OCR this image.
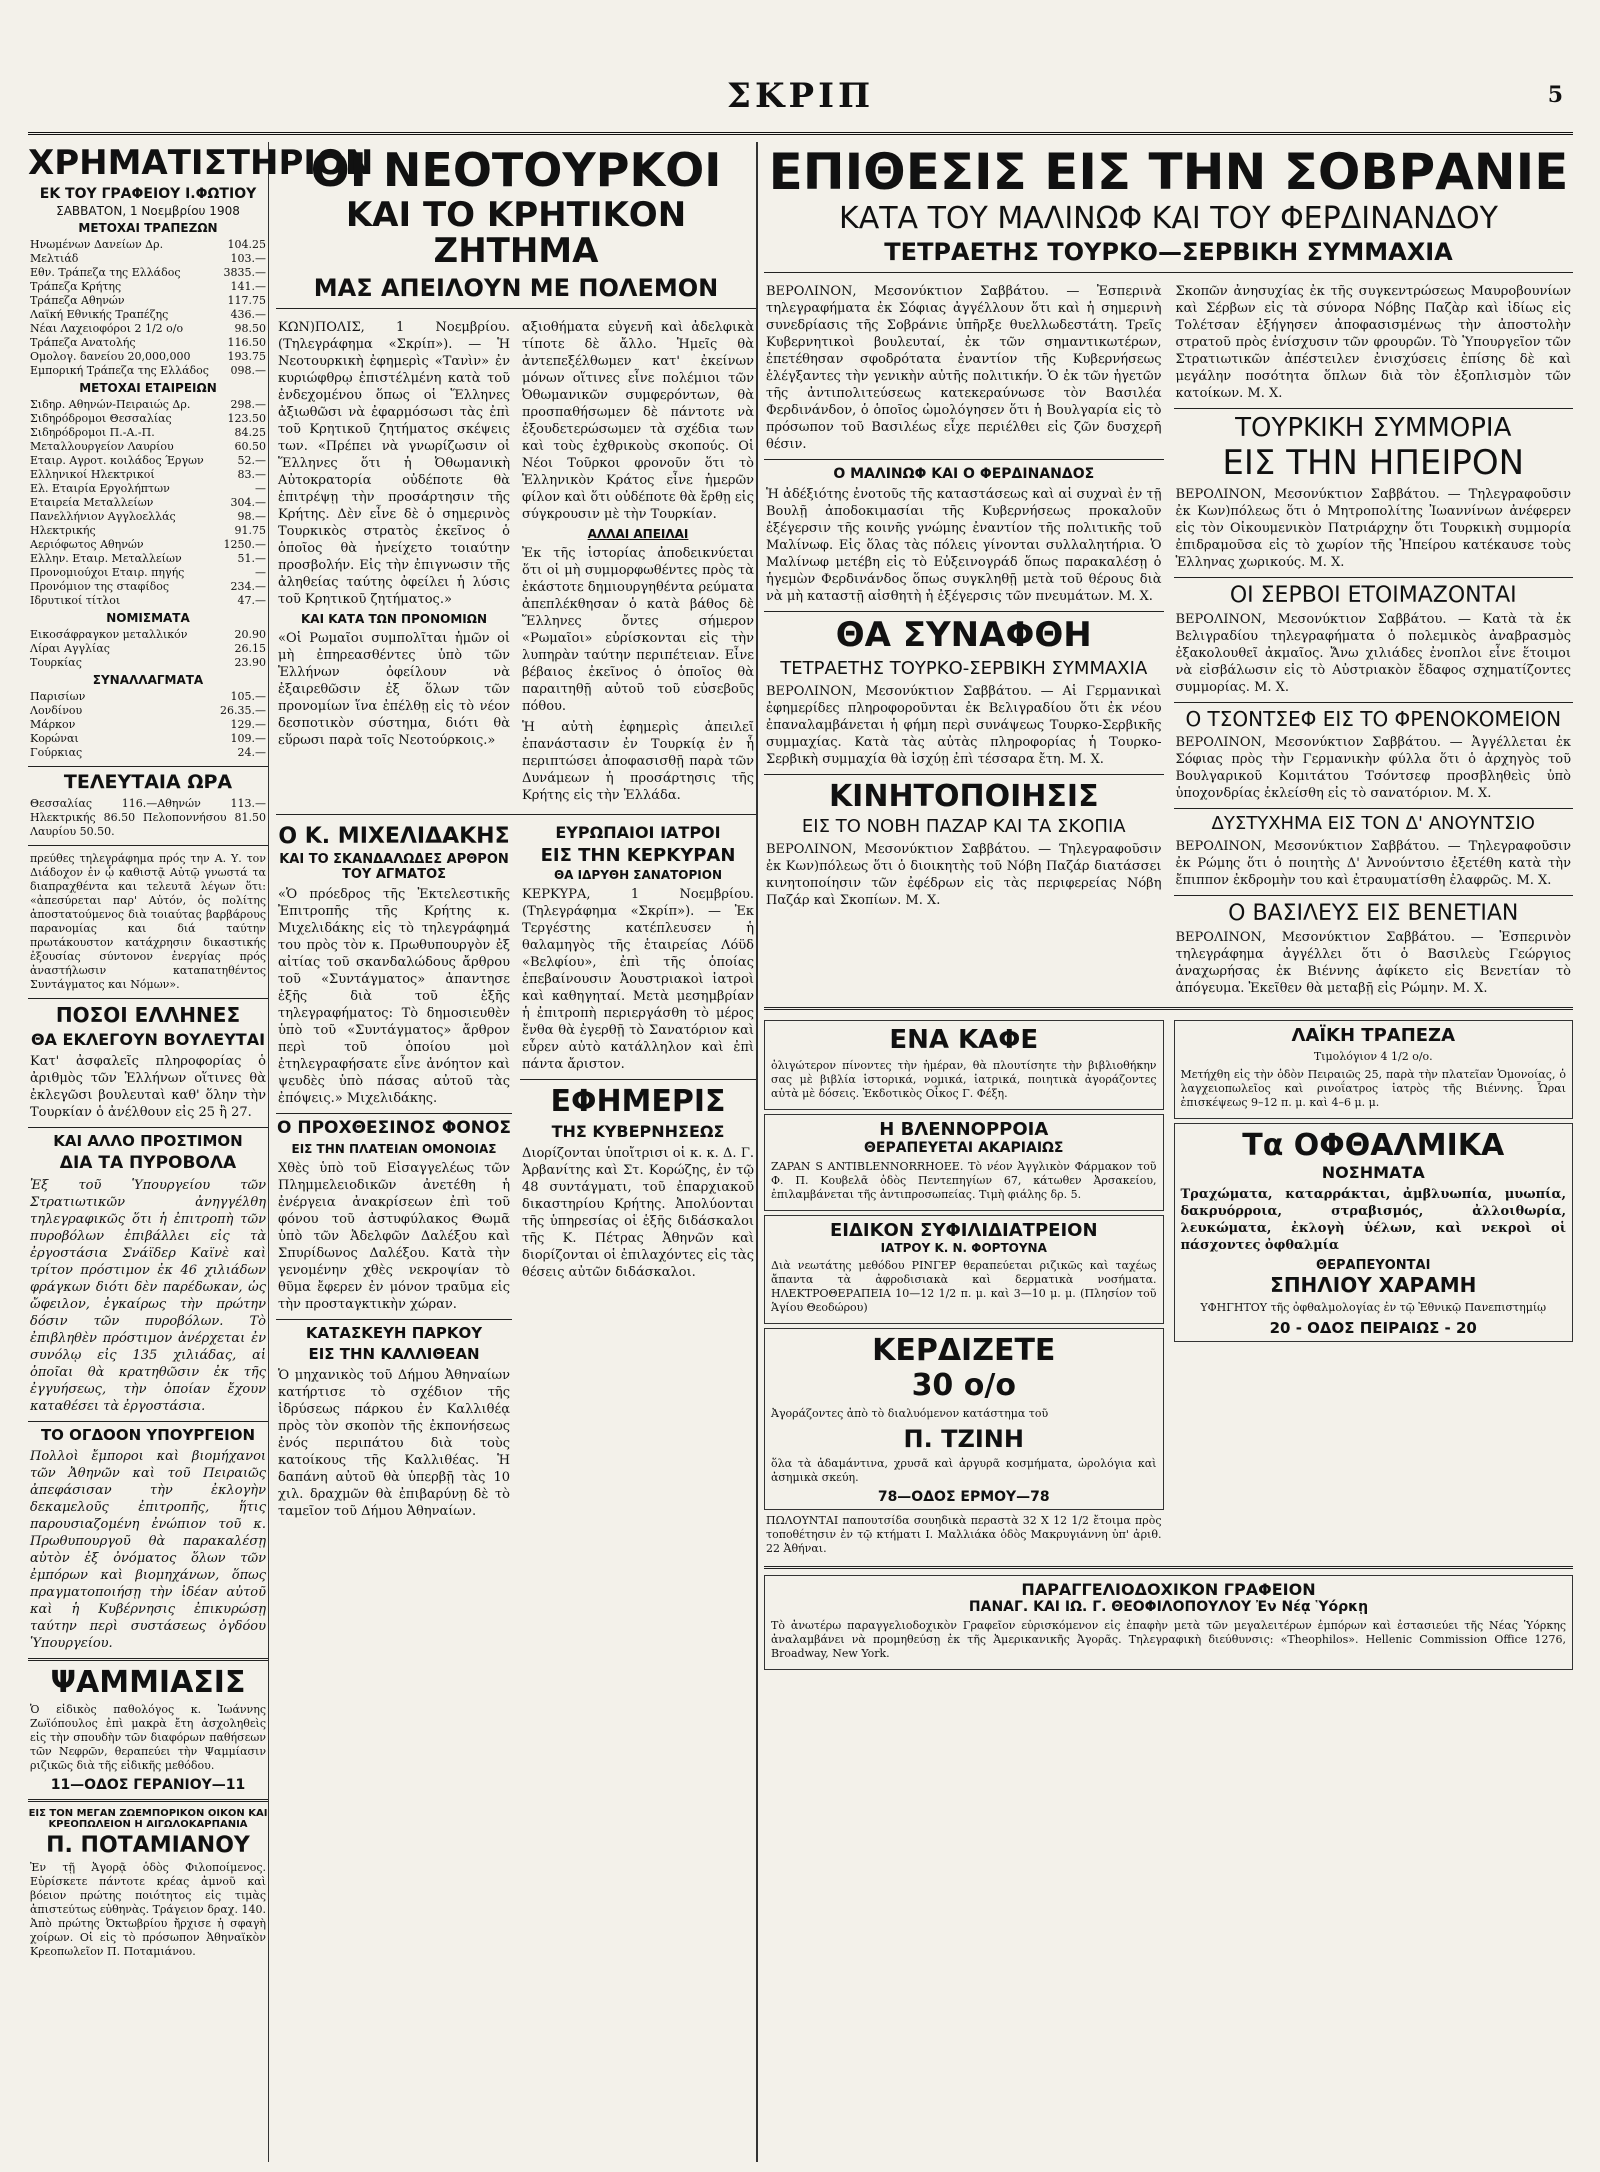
ΣΚΡΙΠ	5
ΧΡΗΜΑΤΙΣΤΗΡΙΟΝ
ΕΚ ΤΟΥ ΓΡΑΦΕΙΟΥ Ι.ΦΩΤΙΟΥ
ΣΑΒΒΑΤΟΝ, 1 Νοεμβρίου 1908
ΜΕΤΟΧΑΙ ΤΡΑΠΕΖΩΝ
Ηνωμένων Δανείων Δρ.	104.25
Μελτιάδ	103.—
Εθν. Τράπεζα της Ελλάδος	3835.—
Τράπεζα Κρήτης	141.—
Τράπεζα Αθηνών	117.75
Λαϊκή Εθνικής Τραπέζης	436.—
Νέαι Λαχειοφόροι 2 1/2 ο/ο	98.50
Τράπεζα Ανατολής	116.50
Ομολογ. δανείου 20,000,000	193.75
Εμπορική Τράπεζα της Ελλάδος	098.—
ΜΕΤΟΧΑΙ ΕΤΑΙΡΕΙΩΝ
Σιδηρ. Αθηνών-Πειραιώς Δρ.	298.—
Σιδηρόδρομοι Θεσσαλίας	123.50
Σιδηρόδρομοι Π.-Α.-Π.	84.25
Μεταλλουργείον Λαυρίου	60.50
Εταιρ. Αγροτ. κοιλάδος Έργων	52.—
Ελληνικοί Ηλεκτρικοί	83.—
Ελ. Εταιρία Εργολήπτων	—
Εταιρεία Μεταλλείων	304.—
Πανελλήνιον Αγγλοελλάς	98.—
Ηλεκτρικής	91.75
Αεριόφωτος Αθηνών	1250.—
Ελλην. Εταιρ. Μεταλλείων	51.—
Προνομιούχοι Εταιρ. πηγής	—
Προνόμιον της σταφίδος	234.—
Ιδρυτικοί τίτλοι	47.—
ΝΟΜΙΣΜΑΤΑ
Εικοσάφραγκον μεταλλικόν	20.90
Λίραι Αγγλίας	26.15
Τουρκίας	23.90
ΣΥΝΑΛΛΑΓΜΑΤΑ
Παρισίων	105.—
Λονδίνου	26.35.—
Μάρκον	129.—
Κορώναι	109.—
Γούρκιας	24.—
ΤΕΛΕΥΤΑΙΑ ΩΡΑ
Θεσσαλίας 116.—Αθηνών 113.— Ηλεκτρικής 86.50 Πελοποννήσου 81.50 Λαυρίου 50.50.
πρεύθες τηλεγράφημα πρός την Α. Υ. τον Διάδοχον ἐν ᾧ καθιστᾷ Αὐτῷ γνωστά τα διαπραχθέντα και τελευτᾶ λέγων ὅτι: «ἀπεσύρεται παρ' Αὐτόν, ὁς πολίτης ἀποστατούμενος διὰ τοιαύτας βαρβάρους παρανομίας και διά ταύτην πρωτάκουστον κατάχρησιν δικαστικής ἐξουσίας σύντονον ἐνεργίας πρός ἀναστήλωσιν καταπατηθέντος Συντάγματος και Νόμων».
ΠΟΣΟΙ ΕΛΛΗΝΕΣ
ΘΑ ΕΚΛΕΓΟΥΝ ΒΟΥΛΕΥΤΑΙ
Κατ' ἀσφαλεῖς πληροφορίας ὁ ἀριθμὸς τῶν Ἑλλήνων οἵτινες θὰ ἐκλεγῶσι βουλευταὶ καθ' ὅλην τὴν Τουρκίαν ὁ ἀνέλθουν εἰς 25 ἢ 27.
ΚΑΙ ΑΛΛΟ ΠΡΟΣΤΙΜΟΝ
ΔΙΑ ΤΑ ΠΥΡΟΒΟΛΑ
Ἐξ τοῦ Ὑπουργείου τῶν Στρατιωτικῶν ἀνηγγέλθη τηλεγραφικῶς ὅτι ἡ ἐπιτροπὴ τῶν πυροβόλων ἐπιβάλλει εἰς τὰ ἐργοστάσια Σνάϊδερ Καϊνὲ καὶ τρίτον πρόστιμον ἐκ 46 χιλιάδων φράγκων διότι δὲν παρέδωκαν, ὡς ὤφειλον, ἐγκαίρως τὴν πρώτην δόσιν τῶν πυροβόλων. Τὸ ἐπιβληθὲν πρόστιμον ἀνέρχεται ἐν συνόλῳ εἰς 135 χιλιάδας, αἱ ὁποῖαι θὰ κρατηθῶσιν ἐκ τῆς ἐγγυήσεως, τὴν ὁποίαν ἔχουν καταθέσει τὰ ἐργοστάσια.
ΤΟ ΟΓΔΟΟΝ ΥΠΟΥΡΓΕΙΟΝ
Πολλοὶ ἔμποροι καὶ βιομήχανοι τῶν Ἀθηνῶν καὶ τοῦ Πειραιῶς ἀπεφάσισαν τὴν ἐκλογὴν δεκαμελοῦς ἐπιτροπῆς, ἥτις παρουσιαζομένη ἐνώπιον τοῦ κ. Πρωθυπουργοῦ θὰ παρακαλέσῃ αὐτὸν ἐξ ὀνόματος ὅλων τῶν ἐμπόρων καὶ βιομηχάνων, ὅπως πραγματοποιήσῃ τὴν ἰδέαν αὐτοῦ καὶ ἡ Κυβέρνησις ἐπικυρώσῃ ταύτην περὶ συστάσεως ὀγδόου Ὑπουργείου.
ΨΑΜΜΙΑΣΙΣ
Ὁ εἰδικὸς παθολόγος κ. Ἰωάννης Ζωϊόπουλος ἐπὶ μακρὰ ἔτη ἀσχοληθεὶς εἰς τὴν σπουδὴν τῶν διαφόρων παθήσεων τῶν Νεφρῶν, θεραπεύει τὴν Ψαμμίασιν ριζικῶς διὰ τῆς εἰδικῆς μεθόδου.
11—ΟΔΟΣ ΓΕΡΑΝΙΟΥ—11
ΕΙΣ ΤΟΝ ΜΕΓΑΝ ΖΩΕΜΠΟΡΙΚΟΝ ΟΙΚΟΝ ΚΑΙ ΚΡΕΟΠΩΛΕΙΟΝ Η ΑΙΓΩΛΟΚΑΡΠΑΝΙΑ
Π. ΠΟΤΑΜΙΑΝΟΥ
Ἐν τῇ Ἀγορᾷ ὁδὸς Φιλοποίμενος. Εὑρίσκετε πάντοτε κρέας ἀμνοῦ καὶ βόειον πρώτης ποιότητος εἰς τιμὰς ἀπιστεύτως εὐθηνὰς. Τράγειον δραχ. 140. Ἀπὸ πρώτης Ὀκτωβρίου ἤρχισε ἡ σφαγὴ χοίρων. Οἱ εἰς τὸ πρόσωπον Ἀθηναϊκὸν Κρεοπωλεῖον Π. Ποταμιάνου.
ΟΙ ΝΕΟΤΟΥΡΚΟΙ
ΚΑΙ ΤΟ ΚΡΗΤΙΚΟΝ ΖΗΤΗΜΑ
ΜΑΣ ΑΠΕΙΛΟΥΝ ΜΕ ΠΟΛΕΜΟΝ
ΚΩΝ)ΠΟΛΙΣ, 1 Νοεμβρίου. (Τηλεγράφημα «Σκρίπ»). — Ἡ Νεοτουρκικὴ ἐφημερὶς «Τανὶν» ἐν κυριώφθρῳ ἐπιστέλμένη κατὰ τοῦ ἐνδεχομένου ὅπως οἱ Ἕλληνες ἀξιωθῶσι νὰ ἐφαρμόσωσι τὰς ἐπὶ τοῦ Κρητικοῦ ζητήματος σκέψεις των. «Πρέπει νὰ γνωρίζωσιν οἱ Ἕλληνες ὅτι ἡ Ὀθωμανικὴ Αὐτοκρατορία οὐδέποτε θὰ ἐπιτρέψῃ τὴν προσάρτησιν τῆς Κρήτης. Δὲν εἶνε δὲ ὁ σημερινὸς Τουρκικὸς στρατὸς ἐκεῖνος ὁ ὁποῖος θὰ ἠνείχετο τοιαύτην προσβολήν. Εἰς τὴν ἐπιγνωσιν τῆς ἀληθείας ταύτης ὀφείλει ἡ λύσις τοῦ Κρητικοῦ ζητήματος.»
ΚΑΙ ΚΑΤΑ ΤΩΝ ΠΡΟΝΟΜΙΩΝ
«Οἱ Ρωμαῖοι συμπολῖται ἡμῶν οἱ μὴ ἐπηρεασθέντες ὑπὸ τῶν Ἑλλήνων ὀφείλουν νὰ ἐξαιρεθῶσιν ἐξ ὅλων τῶν προνομίων ἵνα ἐπέλθῃ εἰς τὸ νέον δεσποτικὸν σύστημα, διότι θὰ εὕρωσι παρὰ τοῖς Νεοτούρκοις.»
αξιοθήματα εὐγενῆ καὶ ἀδελφικὰ τίποτε δὲ ἄλλο. Ἡμεῖς θὰ ἀντεπεξέλθωμεν κατ' ἐκείνων μόνων οἵτινες εἶνε πολέμιοι τῶν Ὀθωμανικῶν συμφερόντων, θὰ προσπαθήσωμεν δὲ πάντοτε νὰ ἐξουδετερώσωμεν τὰ σχέδια των καὶ τοὺς ἐχθρικοὺς σκοπούς. Οἱ Νέοι Τοῦρκοι φρονοῦν ὅτι τὸ Ἑλληνικὸν Κράτος εἶνε ἡμερῶν φίλον καὶ ὅτι οὐδέποτε θὰ ἔρθῃ εἰς σύγκρουσιν μὲ τὴν Τουρκίαν.
ΑΛΛΑΙ ΑΠΕΙΛΑΙ
Ἐκ τῆς ἱστορίας ἀποδεικνύεται ὅτι οἱ μὴ συμμορφωθέντες πρὸς τὰ ἐκάστοτε δημιουργηθέντα ρεύματα ἀπεπλέκθησαν ὁ κατὰ βάθος δὲ Ἕλληνες ὄντες σήμερον «Ρωμαῖοι» εὑρίσκονται εἰς τὴν λυπηρὰν ταύτην περιπέτειαν. Εἶνε βέβαιος ἐκεῖνος ὁ ὁποῖος θὰ παραιτηθῇ αὐτοῦ τοῦ εὐσεβοῦς πόθου.
Ἡ αὐτὴ ἐφημερὶς ἀπειλεῖ ἐπανάστασιν ἐν Τουρκίᾳ ἐν ἧ περιπτώσει ἀποφασισθῇ παρὰ τῶν Δυνάμεων ἡ προσάρτησις τῆς Κρήτης εἰς τὴν Ἑλλάδα.
Ο Κ. ΜΙΧΕΛΙΔΑΚΗΣ
ΚΑΙ ΤΟ ΣΚΑΝΔΑΛΩΔΕΣ ΑΡΘΡΟΝ ΤΟΥ ΑΓΜΑΤΟΣ
«Ὁ πρόεδρος τῆς Ἐκτελεστικῆς Ἐπιτροπῆς τῆς Κρήτης κ. Μιχελιδάκης εἰς τὸ τηλεγράφημά του πρὸς τὸν κ. Πρωθυπουργὸν ἐξ αἰτίας τοῦ σκανδαλώδους ἄρθρου τοῦ «Συντάγματος» ἀπαντησε ἐξῆς διὰ τοῦ ἑξῆς τηλεγραφήματος: Τὸ δημοσιευθὲν ὑπὸ τοῦ «Συντάγματος» ἄρθρον περὶ τοῦ ὁποίου μοὶ ἐτηλεγραφήσατε εἶνε ἀνόητον καὶ ψευδὲς ὑπὸ πάσας αὐτοῦ τὰς ἐπόψεις.» Μιχελιδάκης.
Ο ΠΡΟΧΘΕΣΙΝΟΣ ΦΟΝΟΣ
ΕΙΣ ΤΗΝ ΠΛΑΤΕΙΑΝ ΟΜΟΝΟΙΑΣ
Χθὲς ὑπὸ τοῦ Εἰσαγγελέως τῶν Πλημμελειοδικῶν ἀνετέθη ἡ ἐνέργεια ἀνακρίσεων ἐπὶ τοῦ φόνου τοῦ ἀστυφύλακος Θωμᾶ ὑπὸ τῶν Ἀδελφῶν Δαλέξου καὶ Σπυρίδωνος Δαλέξου. Κατὰ τὴν γενομένην χθὲς νεκροψίαν τὸ θῦμα ἔφερεν ἐν μόνον τραῦμα εἰς τὴν προσταγκτικὴν χώραν.
ΚΑΤΑΣΚΕΥΗ ΠΑΡΚΟΥ
ΕΙΣ ΤΗΝ ΚΑΛΛΙΘΕΑΝ
Ὁ μηχανικὸς τοῦ Δήμου Ἀθηναίων κατήρτισε τὸ σχέδιον τῆς ἰδρύσεως πάρκου ἐν Καλλιθέᾳ πρὸς τὸν σκοπὸν τῆς ἐκπονήσεως ἐνός περιπάτου διὰ τοὺς κατοίκους τῆς Καλλιθέας. Ἡ δαπάνη αὐτοῦ θὰ ὑπερβῇ τὰς 10 χιλ. δραχμῶν θὰ ἐπιβαρύνῃ δὲ τὸ ταμεῖον τοῦ Δήμου Ἀθηναίων.
ΕΥΡΩΠΑΙΟΙ ΙΑΤΡΟΙ
ΕΙΣ ΤΗΝ ΚΕΡΚΥΡΑΝ
ΘΑ ΙΔΡΥΘΗ ΣΑΝΑΤΟΡΙΟΝ
ΚΕΡΚΥΡΑ, 1 Νοεμβρίου. (Τηλεγράφημα «Σκρίπ»). — Ἐκ Τεργέστης κατέπλευσεν ἡ θαλαμηγὸς τῆς ἑταιρείας Λόϋδ «Βελφίου», ἐπὶ τῆς ὁποίας ἐπεβαίνουσιν Ἀουστριακοὶ ἰατροὶ καὶ καθηγηταί. Μετὰ μεσημβρίαν ἡ ἐπιτροπὴ περιεργάσθη τὸ μέρος ἔνθα θὰ ἐγερθῇ τὸ Σανατόριον καὶ εὗρεν αὐτὸ κατάλληλον καὶ ἐπὶ πάντα ἄριστον.
ΕΦΗΜΕΡΙΣ
ΤΗΣ ΚΥΒΕΡΝΗΣΕΩΣ
Διορίζονται ὑποἴτρισι οἱ κ. κ. Δ. Γ. Ἀρβανίτης καὶ Στ. Κορώζης, ἐν τῷ 48 συντάγματι, τοῦ ἐπαρχιακοῦ δικαστηρίου Κρήτης. Ἀπολύονται τῆς ὑπηρεσίας οἱ ἑξῆς διδάσκαλοι τῆς Κ. Πέτρας Ἀθηνῶν καὶ διορίζονται οἱ ἐπιλαχόντες εἰς τὰς θέσεις αὐτῶν διδάσκαλοι.
ΕΠΙΘΕΣΙΣ ΕΙΣ ΤΗΝ ΣΟΒΡΑΝΙΕ
ΚΑΤΑ ΤΟΥ ΜΑΛΙΝΩΦ ΚΑΙ ΤΟΥ ΦΕΡΔΙΝΑΝΔΟΥ
ΤΕΤΡΑΕΤΗΣ ΤΟΥΡΚΟ—ΣΕΡΒΙΚΗ ΣΥΜΜΑΧΙΑ
ΒΕΡΟΛΙΝΟΝ, Μεσονύκτιον Σαββάτου. — Ἐσπερινὰ τηλεγραφήματα ἐκ Σόφιας ἀγγέλλουν ὅτι καὶ ἡ σημερινὴ συνεδρίασις τῆς Σοβράνιε ὑπῆρξε θυελλωδεστάτη. Τρεῖς Κυβερνητικοὶ βουλευταί, ἐκ τῶν σημαντικωτέρων, ἐπετέθησαν σφοδρότατα ἐναντίον τῆς Κυβερνήσεως ἐλέγξαντες τὴν γενικὴν αὐτῆς πολιτικήν. Ὁ ἐκ τῶν ἡγετῶν τῆς ἀντιπολιτεύσεως κατεκεραύνωσε τὸν Βασιλέα Φερδινάνδον, ὁ ὁποῖος ὠμολόγησεν ὅτι ἡ Βουλγαρία εἰς τὸ πρόσωπον τοῦ Βασιλέως εἶχε περιέλθει εἰς ζῶν δυσχερῆ θέσιν.
Ο ΜΑΛΙΝΩΦ ΚΑΙ Ο ΦΕΡΔΙΝΑΝΔΟΣ
Ἡ ἀδέξιότης ἐνοτοῦς τῆς καταστάσεως καὶ αἱ συχναὶ ἐν τῇ Βουλῇ ἀποδοκιμασίαι τῆς Κυβερνήσεως προκαλοῦν ἐξέγερσιν τῆς κοινῆς γνώμης ἐναντίον τῆς πολιτικῆς τοῦ Μαλίνωφ. Εἰς ὅλας τὰς πόλεις γίνονται συλλαλητήρια. Ὁ Μαλίνωφ μετέβη εἰς τὸ Εὐξεινογράδ ὅπως παρακαλέσῃ ὁ ἡγεμὼν Φερδινάνδος ὅπως συγκληθῇ μετὰ τοῦ θέρους διὰ νὰ μὴ καταστῇ αἰσθητὴ ἡ ἐξέγερσις τῶν πνευμάτων. Μ. Χ.
ΘΑ ΣΥΝΑΦΘΗ
ΤΕΤΡΑΕΤΗΣ ΤΟΥΡΚΟ-ΣΕΡΒΙΚΗ ΣΥΜΜΑΧΙΑ
ΒΕΡΟΛΙΝΟΝ, Μεσονύκτιον Σαββάτου. — Αἱ Γερμανικαὶ ἐφημερίδες πληροφοροῦνται ἐκ Βελιγραδίου ὅτι ἐκ νέου ἐπαναλαμβάνεται ἡ φήμη περὶ συνάψεως Τουρκο-Σερβικῆς συμμαχίας. Κατὰ τὰς αὐτὰς πληροφορίας ἡ Τουρκο-Σερβικὴ συμμαχία θὰ ἰσχύῃ ἐπὶ τέσσαρα ἔτη. Μ. Χ.
ΚΙΝΗΤΟΠΟΙΗΣΙΣ
ΕΙΣ ΤΟ ΝΟΒΗ ΠΑΖΑΡ ΚΑΙ ΤΑ ΣΚΟΠΙΑ
ΒΕΡΟΛΙΝΟΝ, Μεσονύκτιον Σαββάτου. — Τηλεγραφοῦσιν ἐκ Κων)πόλεως ὅτι ὁ διοικητὴς τοῦ Νόβη Παζάρ διατάσσει κινητοποίησιν τῶν ἐφέδρων εἰς τὰς περιφερείας Νόβη Παζάρ καὶ Σκοπίων. Μ. Χ.
Σκοπῶν ἀνησυχίας ἐκ τῆς συγκεντρώσεως Μαυροβουνίων καὶ Σέρβων εἰς τὰ σύνορα Νόβης Παζὰρ καὶ ἰδίως εἰς Τολέτσαν ἐξήγησεν ἀποφασισμένως τὴν ἀποστολὴν στρατοῦ πρὸς ἐνίσχυσιν τῶν φρουρῶν. Τὸ Ὑπουργεῖον τῶν Στρατιωτικῶν ἀπέστειλεν ἐνισχύσεις ἐπίσης δὲ καὶ μεγάλην ποσότητα ὅπλων διὰ τὸν ἐξοπλισμὸν τῶν κατοίκων. Μ. Χ.
ΤΟΥΡΚΙΚΗ ΣΥΜΜΟΡΙΑ
ΕΙΣ ΤΗΝ ΗΠΕΙΡΟΝ
ΒΕΡΟΛΙΝΟΝ, Μεσονύκτιον Σαββάτου. — Τηλεγραφοῦσιν ἐκ Κων)πόλεως ὅτι ὁ Μητροπολίτης Ἰωαννίνων ἀνέφερεν εἰς τὸν Οἰκουμενικὸν Πατριάρχην ὅτι Τουρκικὴ συμμορία ἐπιδραμοῦσα εἰς τὸ χωρίον τῆς Ἠπείρου κατέκαυσε τοὺς Ἑλληνας χωρικούς. Μ. Χ.
ΟΙ ΣΕΡΒΟΙ ΕΤΟΙΜΑΖΟΝΤΑΙ
ΒΕΡΟΛΙΝΟΝ, Μεσονύκτιον Σαββάτου. — Κατὰ τὰ ἐκ Βελιγραδίου τηλεγραφήματα ὁ πολεμικὸς ἀναβρασμὸς ἐξακολουθεῖ ἀκμαῖος. Ἄνω χιλιάδες ἐνοπλοι εἶνε ἕτοιμοι νὰ εἰσβάλωσιν εἰς τὸ Αὐστριακὸν ἔδαφος σχηματίζοντες συμμορίας. Μ. Χ.
Ο ΤΣΟΝΤΣΕΦ ΕΙΣ ΤΟ ΦΡΕΝΟΚΟΜΕΙΟΝ
ΒΕΡΟΛΙΝΟΝ, Μεσονύκτιον Σαββάτου. — Ἀγγέλλεται ἐκ Σόφιας πρὸς τὴν Γερμανικὴν φύλλα ὅτι ὁ ἀρχηγὸς τοῦ Βουλγαρικοῦ Κομιτάτου Τσόντσεφ προσβληθεὶς ὑπὸ ὑποχονδρίας ἐκλείσθη εἰς τὸ σανατόριον. Μ. Χ.
ΔΥΣΤΥΧΗΜΑ ΕΙΣ ΤΟΝ Δ' ΑΝΟΥΝΤΣΙΟ
ΒΕΡΟΛΙΝΟΝ, Μεσονύκτιον Σαββάτου. — Τηλεγραφοῦσιν ἐκ Ρώμης ὅτι ὁ ποιητὴς Δ' Ἀννούντσιο ἐξετέθη κατὰ τὴν ἔπιππον ἐκδρομὴν του καὶ ἐτραυματίσθη ἐλαφρῶς. Μ. Χ.
Ο ΒΑΣΙΛΕΥΣ ΕΙΣ ΒΕΝΕΤΙΑΝ
ΒΕΡΟΛΙΝΟΝ, Μεσονύκτιον Σαββάτου. — Ἐσπερινὸν τηλεγράφημα ἀγγέλλει ὅτι ὁ Βασιλεὺς Γεώργιος ἀναχωρήσας ἐκ Βιέννης ἀφίκετο εἰς Βενετίαν τὸ ἀπόγευμα. Ἐκεῖθεν θὰ μεταβῇ εἰς Ρώμην. Μ. Χ.
ΕΝΑ ΚΑΦΕ
ὀλιγώτερον πίνοντες τὴν ἡμέραν, θὰ πλουτίσητε τὴν βιβλιοθήκην σας μὲ βιβλία ἱστορικά, νομικά, ἰατρικά, ποιητικὰ ἀγοράζοντες αὐτὰ μὲ δόσεις. Ἐκδοτικὸς Οἶκος Γ. Φέξη.
Η ΒΛΕΝΝΟΡΡΟΙΑ
ΘΕΡΑΠΕΥΕΤΑΙ ΑΚΑΡΙΑΙΩΣ
ZAPAN S ANTIBLENNORRHOEE. Τὸ νέον Ἀγγλικὸν Φάρμακον τοῦ Φ. Π. Κουβελᾶ ὁδὸς Πεντεπηγίων 67, κάτωθεν Ἀρσακείου, ἐπιλαμβάνεται τῆς ἀντιπροσωπείας. Τιμὴ φιάλης δρ. 5.
ΕΙΔΙΚΟΝ ΣΥΦΙΛΙΔΙΑΤΡΕΙΟΝ
ΙΑΤΡΟΥ Κ. Ν. ΦΟΡΤΟΥΝΑ
Διὰ νεωτάτης μεθόδου ΡΙΝΓΕΡ θεραπεύεται ριζικῶς καὶ ταχέως ἄπαντα τὰ ἀφροδισιακὰ καὶ δερματικὰ νοσήματα. ΗΛΕΚΤΡΟΘΕΡΑΠΕΙΑ 10—12 1/2 π. μ. καὶ 3—10 μ. μ. (Πλησίον τοῦ Ἁγίου Θεοδώρου)
ΚΕΡΔΙΖΕΤΕ
30 ο/ο
Ἀγοράζοντες ἀπὸ τὸ διαλυόμενον κατάστημα τοῦ
Π. ΤΖΙΝΗ
ὅλα τὰ ἀδαμάντινα, χρυσᾶ καὶ ἀργυρᾶ κοσμήματα, ὡρολόγια καὶ ἀσημικὰ σκεύη.
78—ΟΔΟΣ ΕΡΜΟΥ—78
ΠΩΛΟΥΝΤΑΙ παπουτσίδα σουηδικὰ περαστὰ 32 Χ 12 1/2 ἔτοιμα πρὸς τοποθέτησιν ἐν τῷ κτήματι Ι. Μαλλιάκα ὁδὸς Μακρυγιάννη ὑπ' ἀριθ. 22 Ἀθήναι.
ΛΑΪΚΗ ΤΡΑΠΕΖΑ
Τιμολόγιον 4 1/2 ο/ο.
Μετήχθη εἰς τὴν ὁδὸν Πειραιῶς 25, παρὰ τὴν πλατεῖαν Ὁμονοίας, ὁ λαγχειοπωλεῖος καὶ ρινοΐατρος ἰατρὸς τῆς Βιέννης. Ὧραι ἐπισκέψεως 9–12 π. μ. καὶ 4–6 μ. μ.
Τα ΟΦΘΑΛΜΙΚΑ
ΝΟΣΗΜΑΤΑ
Τραχώματα, καταρράκται, ἀμβλυωπία, μυωπία, δακρυόρροια, στραβισμός, ἀλλοιθωρία, λευκώματα, ἐκλογὴ ὑέλων, καὶ νεκροὶ οἱ πάσχοντες ὀφθαλμία
ΘΕΡΑΠΕΥΟΝΤΑΙ
ΣΠΗΛΙΟΥ ΧΑΡΑΜΗ
ΥΦΗΓΗΤΟΥ τῆς ὀφθαλμολογίας ἐν τῷ Ἐθνικῷ Πανεπιστημίῳ
20 - ΟΔΟΣ ΠΕΙΡΑΙΩΣ - 20
ΠΑΡΑΓΓΕΛΙΟΔΟΧΙΚΟΝ ΓΡΑΦΕΙΟΝ
ΠΑΝΑΓ. ΚΑΙ ΙΩ. Γ. ΘΕΟΦΙΛΟΠΟΥΛΟΥ Ἐν Νέᾳ Ὑόρκῃ
Τὸ ἀνωτέρω παραγγελιοδοχικὸν Γραφεῖον εὑρισκόμενον εἰς ἐπαφὴν μετὰ τῶν μεγαλειτέρων ἐμπόρων καὶ ἐστασιεύει τῆς Νέας Ὑόρκης ἀναλαμβάνει νὰ προμηθεύσῃ ἐκ τῆς Ἀμερικανικῆς Ἀγορᾶς. Τηλεγραφικὴ διεύθυνσις: «Theophilos». Hellenic Commission Office 1276, Broadway, New York.
